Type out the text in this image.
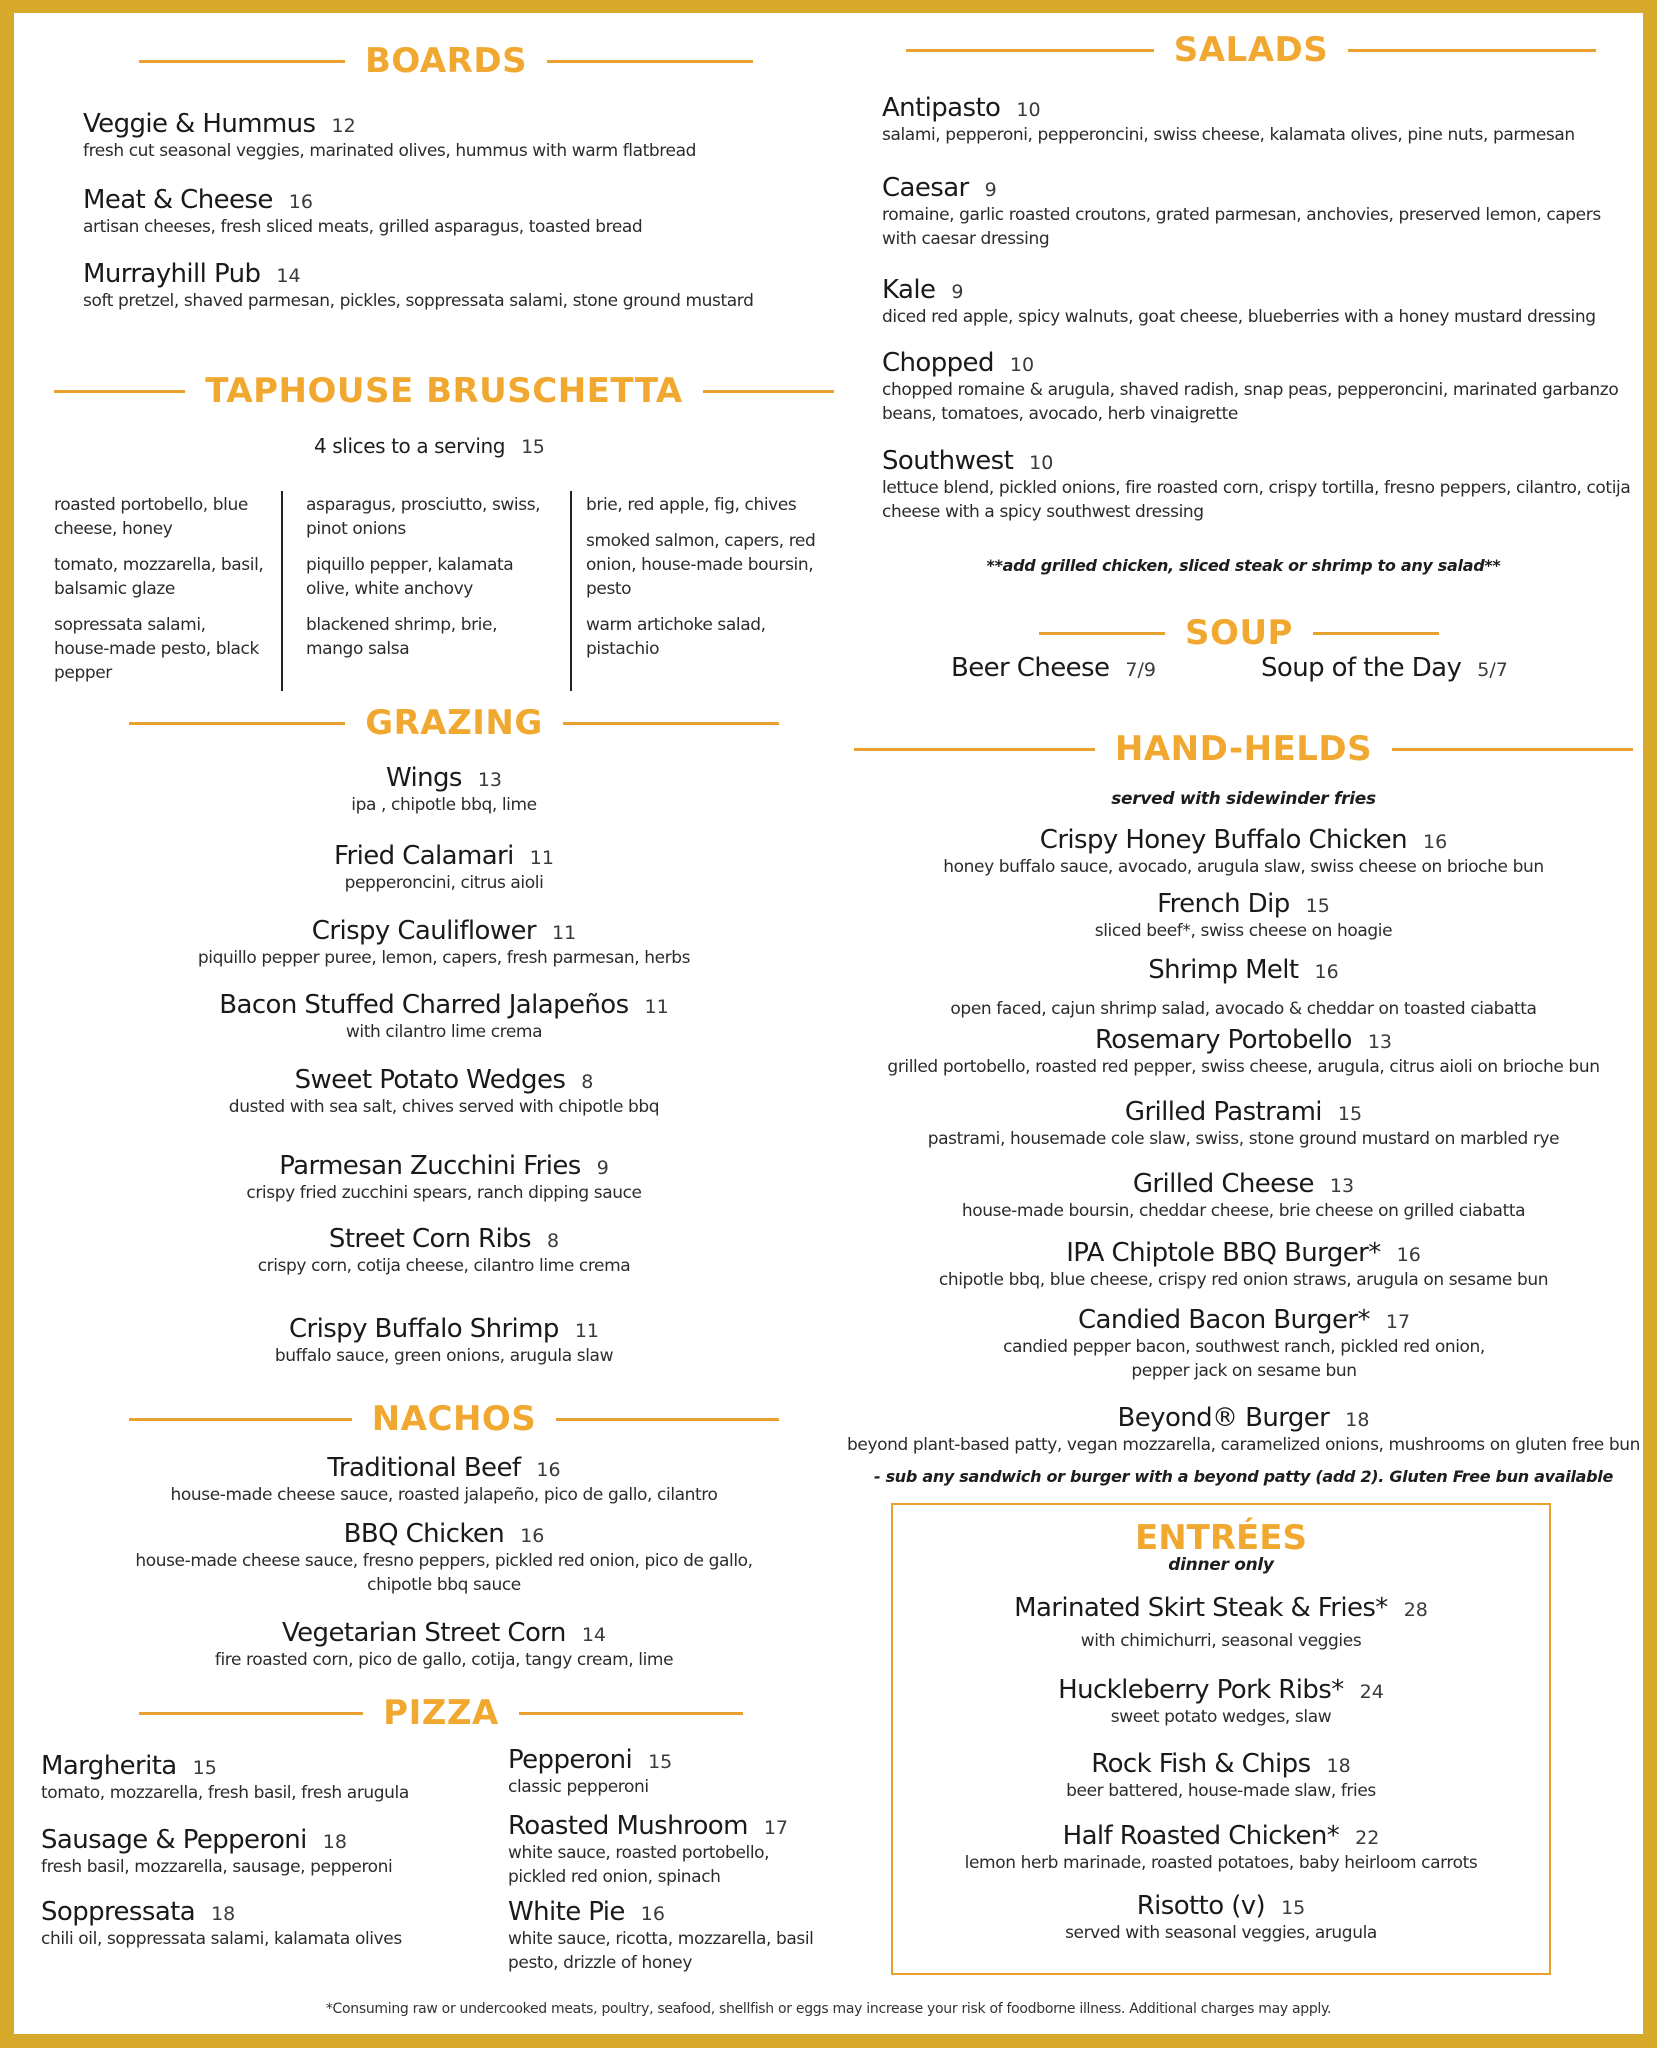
BOARDS
Veggie & Hummus 12
fresh cut seasonal veggies, marinated olives, hummus with warm flatbread
Meat & Cheese 16
artisan cheeses, fresh sliced meats, grilled asparagus, toasted bread
Murrayhill Pub 14
soft pretzel, shaved parmesan, pickles, soppressata salami, stone ground mustard
TAPHOUSE BRUSCHETTA
4 slices to a serving 15
roasted portobello, blue cheese, honey
tomato, mozzarella, basil, balsamic glaze
sopressata salami, house-made pesto, black pepper
asparagus, prosciutto, swiss, pinot onions
piquillo pepper, kalamata olive, white anchovy
blackened shrimp, brie, mango salsa
brie, red apple, fig, chives
smoked salmon, capers, red onion, house-made boursin, pesto
warm artichoke salad, pistachio
GRAZING
Wings 13
ipa , chipotle bbq, lime
Fried Calamari 11
pepperoncini, citrus aioli
Crispy Cauliflower 11
piquillo pepper puree, lemon, capers, fresh parmesan, herbs
Bacon Stuffed Charred Jalapeños 11
with cilantro lime crema
Sweet Potato Wedges 8
dusted with sea salt, chives served with chipotle bbq
Parmesan Zucchini Fries 9
crispy fried zucchini spears, ranch dipping sauce
Street Corn Ribs 8
crispy corn, cotija cheese, cilantro lime crema
Crispy Buffalo Shrimp 11
buffalo sauce, green onions, arugula slaw
NACHOS
Traditional Beef 16
house-made cheese sauce, roasted jalapeño, pico de gallo, cilantro
BBQ Chicken 16
house-made cheese sauce, fresno peppers, pickled red onion, pico de gallo, chipotle bbq sauce
Vegetarian Street Corn 14
fire roasted corn, pico de gallo, cotija, tangy cream, lime
PIZZA
Margherita 15
tomato, mozzarella, fresh basil, fresh arugula
Sausage & Pepperoni 18
fresh basil, mozzarella, sausage, pepperoni
Soppressata 18
chili oil, soppressata salami, kalamata olives
Pepperoni 15
classic pepperoni
Roasted Mushroom 17
white sauce, roasted portobello, pickled red onion, spinach
White Pie 16
white sauce, ricotta, mozzarella, basil pesto, drizzle of honey
SALADS
Antipasto 10
salami, pepperoni, pepperoncini, swiss cheese, kalamata olives, pine nuts, parmesan
Caesar 9
romaine, garlic roasted croutons, grated parmesan, anchovies, preserved lemon, capers with caesar dressing
Kale 9
diced red apple, spicy walnuts, goat cheese, blueberries with a honey mustard dressing
Chopped 10
chopped romaine & arugula, shaved radish, snap peas, pepperoncini, marinated garbanzo beans, tomatoes, avocado, herb vinaigrette
Southwest 10
lettuce blend, pickled onions, fire roasted corn, crispy tortilla, fresno peppers, cilantro, cotija cheese with a spicy southwest dressing
**add grilled chicken, sliced steak or shrimp to any salad**
SOUP
Beer Cheese 7/9	Soup of the Day 5/7
HAND-HELDS
served with sidewinder fries
Crispy Honey Buffalo Chicken 16
honey buffalo sauce, avocado, arugula slaw, swiss cheese on brioche bun
French Dip 15
sliced beef*, swiss cheese on hoagie
Shrimp Melt 16
open faced, cajun shrimp salad, avocado & cheddar on toasted ciabatta
Rosemary Portobello 13
grilled portobello, roasted red pepper, swiss cheese, arugula, citrus aioli on brioche bun
Grilled Pastrami 15
pastrami, housemade cole slaw, swiss, stone ground mustard on marbled rye
Grilled Cheese 13
house-made boursin, cheddar cheese, brie cheese on grilled ciabatta
IPA Chiptole BBQ Burger* 16
chipotle bbq, blue cheese, crispy red onion straws, arugula on sesame bun
Candied Bacon Burger* 17
candied pepper bacon, southwest ranch, pickled red onion, pepper jack on sesame bun
Beyond® Burger 18
beyond plant-based patty, vegan mozzarella, caramelized onions, mushrooms on gluten free bun
- sub any sandwich or burger with a beyond patty (add 2). Gluten Free bun available
ENTRÉES
dinner only
Marinated Skirt Steak & Fries* 28
with chimichurri, seasonal veggies
Huckleberry Pork Ribs* 24
sweet potato wedges, slaw
Rock Fish & Chips 18
beer battered, house-made slaw, fries
Half Roasted Chicken* 22
lemon herb marinade, roasted potatoes, baby heirloom carrots
Risotto (v) 15
served with seasonal veggies, arugula
*Consuming raw or undercooked meats, poultry, seafood, shellfish or eggs may increase your risk of foodborne illness. Additional charges may apply.
